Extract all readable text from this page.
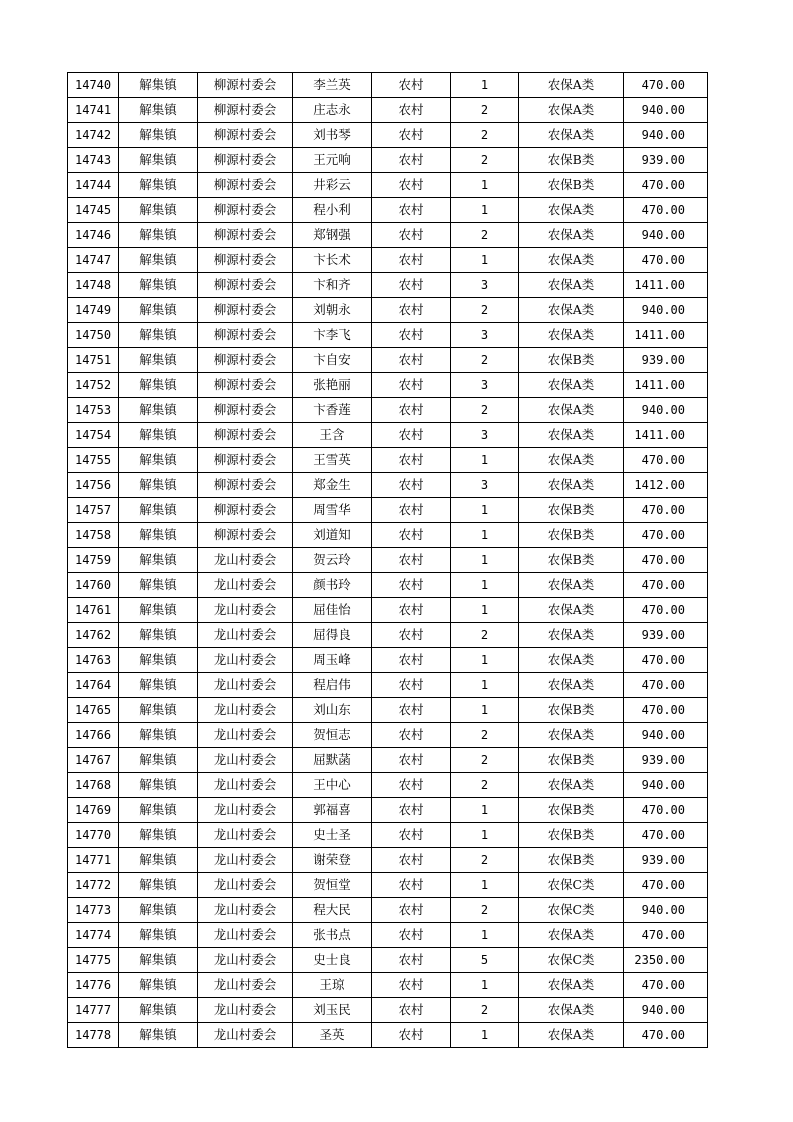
14740	解集镇	柳源村委会	李兰英	农村	1	农保A类	470.00
14741	解集镇	柳源村委会	庄志永	农村	2	农保A类	940.00
14742	解集镇	柳源村委会	刘书琴	农村	2	农保A类	940.00
14743	解集镇	柳源村委会	王元响	农村	2	农保B类	939.00
14744	解集镇	柳源村委会	井彩云	农村	1	农保B类	470.00
14745	解集镇	柳源村委会	程小利	农村	1	农保A类	470.00
14746	解集镇	柳源村委会	郑钢强	农村	2	农保A类	940.00
14747	解集镇	柳源村委会	卞长术	农村	1	农保A类	470.00
14748	解集镇	柳源村委会	卞和齐	农村	3	农保A类	1411.00
14749	解集镇	柳源村委会	刘朝永	农村	2	农保A类	940.00
14750	解集镇	柳源村委会	卞李飞	农村	3	农保A类	1411.00
14751	解集镇	柳源村委会	卞自安	农村	2	农保B类	939.00
14752	解集镇	柳源村委会	张艳丽	农村	3	农保A类	1411.00
14753	解集镇	柳源村委会	卞香莲	农村	2	农保A类	940.00
14754	解集镇	柳源村委会	王含	农村	3	农保A类	1411.00
14755	解集镇	柳源村委会	王雪英	农村	1	农保A类	470.00
14756	解集镇	柳源村委会	郑金生	农村	3	农保A类	1412.00
14757	解集镇	柳源村委会	周雪华	农村	1	农保B类	470.00
14758	解集镇	柳源村委会	刘道知	农村	1	农保B类	470.00
14759	解集镇	龙山村委会	贺云玲	农村	1	农保B类	470.00
14760	解集镇	龙山村委会	颜书玲	农村	1	农保A类	470.00
14761	解集镇	龙山村委会	屈佳怡	农村	1	农保A类	470.00
14762	解集镇	龙山村委会	屈得良	农村	2	农保A类	939.00
14763	解集镇	龙山村委会	周玉峰	农村	1	农保A类	470.00
14764	解集镇	龙山村委会	程启伟	农村	1	农保A类	470.00
14765	解集镇	龙山村委会	刘山东	农村	1	农保B类	470.00
14766	解集镇	龙山村委会	贺恒志	农村	2	农保A类	940.00
14767	解集镇	龙山村委会	屈默菡	农村	2	农保B类	939.00
14768	解集镇	龙山村委会	王中心	农村	2	农保A类	940.00
14769	解集镇	龙山村委会	郭福喜	农村	1	农保B类	470.00
14770	解集镇	龙山村委会	史士圣	农村	1	农保B类	470.00
14771	解集镇	龙山村委会	谢荣登	农村	2	农保B类	939.00
14772	解集镇	龙山村委会	贺恒堂	农村	1	农保C类	470.00
14773	解集镇	龙山村委会	程大民	农村	2	农保C类	940.00
14774	解集镇	龙山村委会	张书点	农村	1	农保A类	470.00
14775	解集镇	龙山村委会	史士良	农村	5	农保C类	2350.00
14776	解集镇	龙山村委会	王琼	农村	1	农保A类	470.00
14777	解集镇	龙山村委会	刘玉民	农村	2	农保A类	940.00
14778	解集镇	龙山村委会	圣英	农村	1	农保A类	470.00
